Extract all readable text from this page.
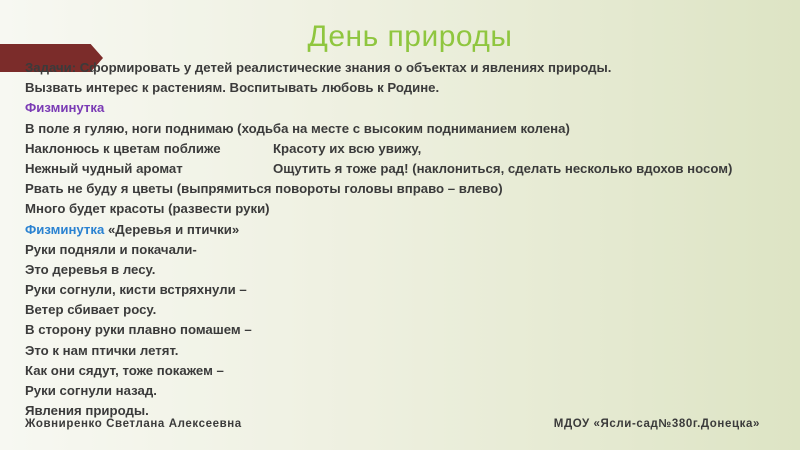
День природы
Задачи: Сформировать у детей реалистические знания о объектах и явлениях природы.
Вызвать интерес к растениям. Воспитывать любовь к Родине.
Физминутка
В поле я гуляю, ноги поднимаю (ходьба на месте с высоким подниманием колена)
Наклонюсь к цветам поближе	Красоту их всю увижу,
Нежный чудный аромат	Ощутить я тоже рад! (наклониться, сделать несколько вдохов носом)
Рвать не буду я цветы (выпрямиться повороты головы вправо – влево)
Много будет красоты (развести руки)
Физминутка «Деревья и птички»
Руки подняли и покачали-
Это деревья в лесу.
Руки согнули, кисти встряхнули –
Ветер сбивает росу.
В сторону руки плавно помашем –
Это к нам птички летят.
Как они сядут, тоже покажем –
Руки согнули назад.
Явления природы.
Жовниренко Светлана Алексеевна	МДОУ «Ясли-сад№380г.Донецка»
